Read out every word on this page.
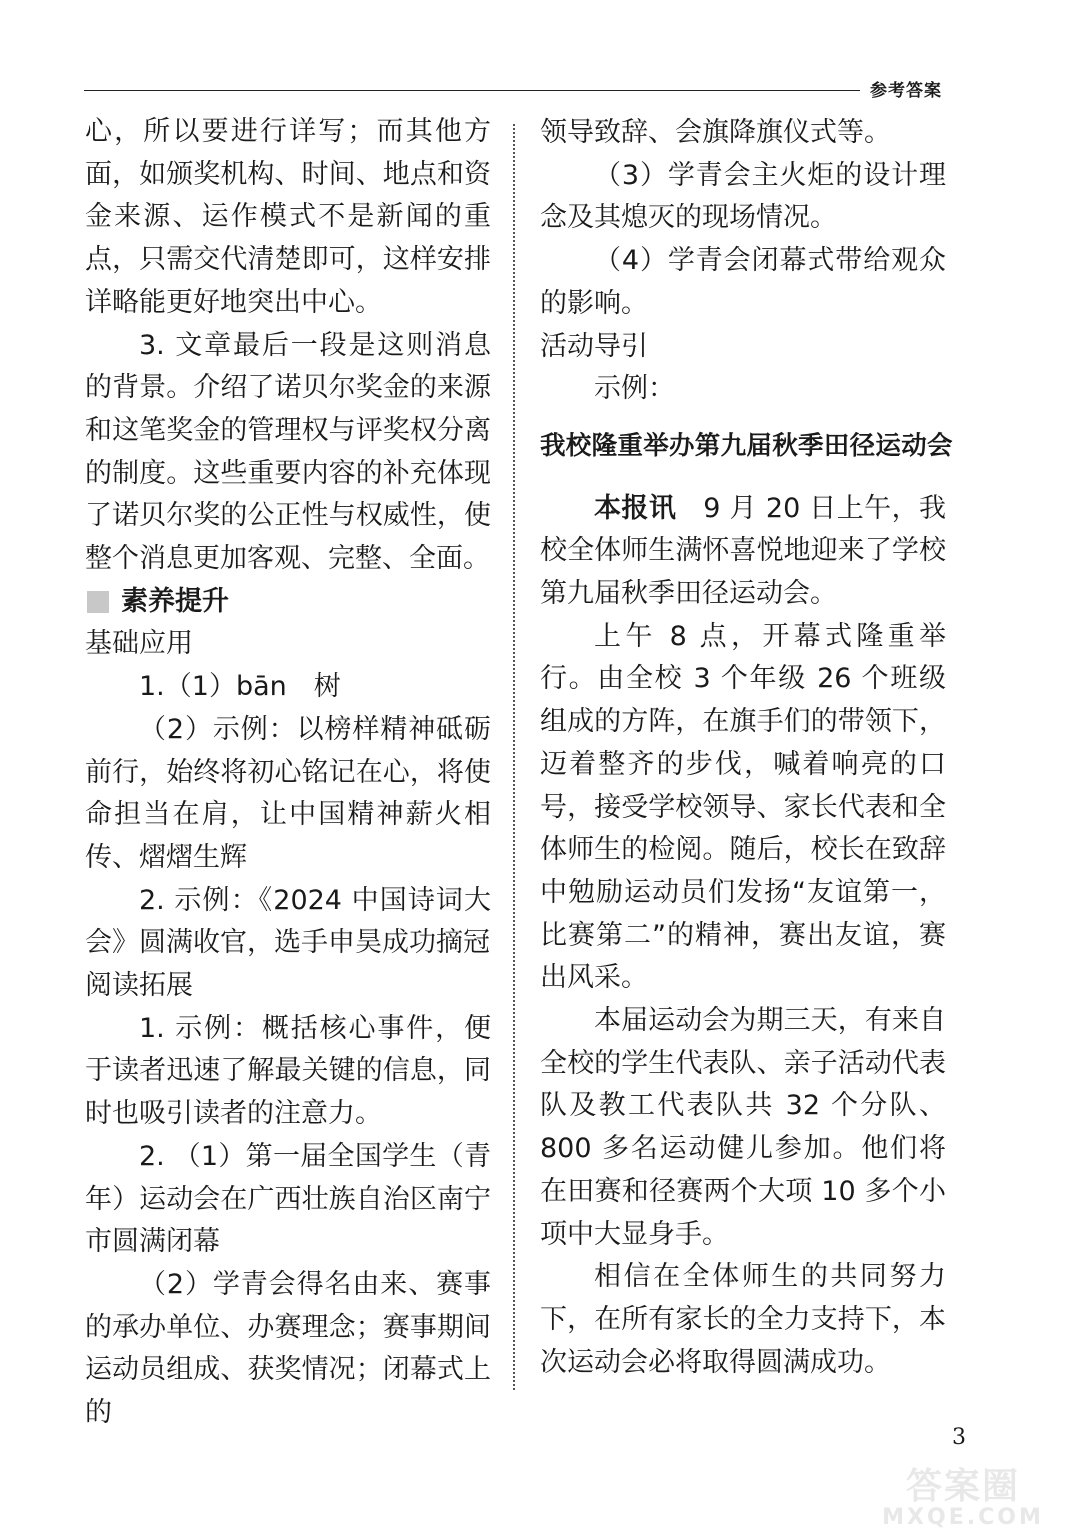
参考答案

心，所以要进行详写；而其他方面，如颁奖机构、时间、地点和资金来源、运作模式不是新闻的重点，只需交代清楚即可，这样安排详略能更好地突出中心。

3. 文章最后一段是这则消息的背景。介绍了诺贝尔奖金的来源和这笔奖金的管理权与评奖权分离的制度。这些重要内容的补充体现了诺贝尔奖的公正性与权威性，使整个消息更加客观、完整、全面。

素养提升
基础应用

1.（1）bān　树

（2）示例：以榜样精神砥砺前行，始终将初心铭记在心，将使命担当在肩，让中国精神薪火相传、熠熠生辉

2. 示例：《2024 中国诗词大会》圆满收官，选手申昊成功摘冠

阅读拓展

1. 示例：概括核心事件，便于读者迅速了解最关键的信息，同时也吸引读者的注意力。

2. （1）第一届全国学生（青年）运动会在广西壮族自治区南宁市圆满闭幕

（2）学青会得名由来、赛事的承办单位、办赛理念；赛事期间运动员组成、获奖情况；闭幕式上的

领导致辞、会旗降旗仪式等。

（3）学青会主火炬的设计理念及其熄灭的现场情况。

（4）学青会闭幕式带给观众的影响。

活动导引

示例：

我校隆重举办第九届秋季田径运动会

本报讯 9 月 20 日上午，我校全体师生满怀喜悦地迎来了学校第九届秋季田径运动会。

上午 8 点，开幕式隆重举行。由全校 3 个年级 26 个班级组成的方阵，在旗手们的带领下，迈着整齐的步伐，喊着响亮的口号，接受学校领导、家长代表和全体师生的检阅。随后，校长在致辞中勉励运动员们发扬“友谊第一，比赛第二”的精神，赛出友谊，赛出风采。

本届运动会为期三天，有来自全校的学生代表队、亲子活动代表队及教工代表队共 32 个分队、800 多名运动健儿参加。他们将在田赛和径赛两个大项 10 多个小项中大显身手。

相信在全体师生的共同努力下，在所有家长的全力支持下，本次运动会必将取得圆满成功。

3
答案圈
MXQE.COM
